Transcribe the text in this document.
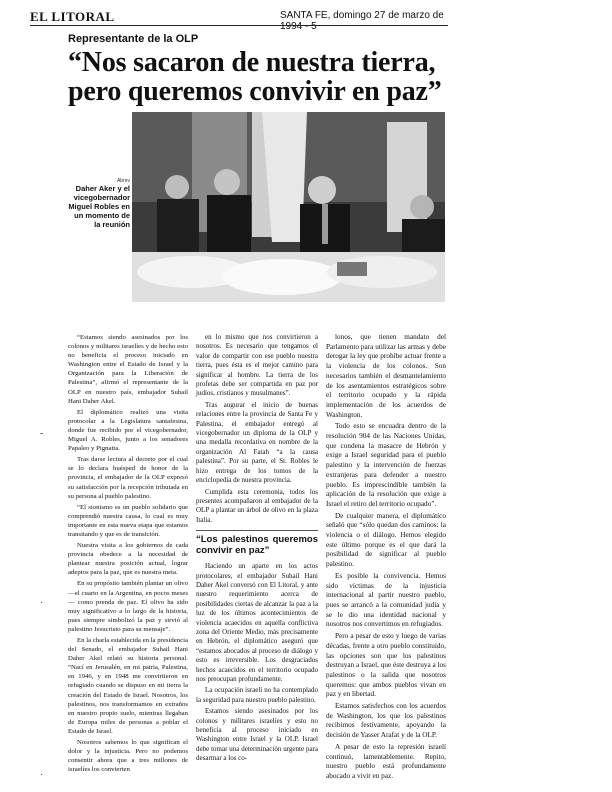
EL LITORAL	SANTA FE, domingo 27 de marzo de 1994 - 5
Representante de la OLP
“Nos sacaron de nuestra tierra, pero queremos convivir en paz”
Abrev
Daher Aker y el vicegobernador Miguel Robles en un momento de la reunión

“Estamos siendo asesinados por los colonos y militares israelíes y de hecho esto no beneficia el proceso iniciado en Washington entre el Estado de Israel y la Organización para la Liberación de Palestina”, afirmó el representante de la OLP en nuestro país, embajador Suhail Hani Daher Akel.

El diplomático realizó una visita protocolar a la Legislatura santafesina, donde fue recibido por el vicegobernador, Miguel A. Robles, junto a los senadores Papaleo y Pignatta.

Tras darse lectura al decreto por el cual se lo declara huésped de honor de la provincia, el embajador de la OLP expresó su satisfacción por la recepción tributada en su persona al pueblo palestino.

“El sionismo es un pueblo solidario que comprendió nuestra causa, lo cual es muy importante en esta nueva etapa que estamos transitando y que es de transición.

Nuestra visita a los gobiernos de cada provincia obedece a la necesidad de plantear nuestra posición actual, lograr adeptos para la paz, que es nuestra meta.

En su propósito también plantar un olivo —el cuarto en la Argentina, en pocos meses— como prenda de paz. El olivo ha sido muy significativo a lo largo de la historia, pues siempre simbolizó la paz y sirvió al palestino Jesucristo para su mensaje”.

En la charla establecida en la presidencia del Senado, el embajador Suhail Hani Daher Akel relató su historia personal. “Nací en Jerusalén, en mi patria, Palestina, en 1946, y en 1948 me convirtieron en refugiado cuando se dispuso en mi tierra la creación del Estado de Israel. Nosotros, los palestinos, nos transformamos en extraños en nuestro propio suelo, mientras llegaban de Europa miles de personas a poblar el Estado de Israel.

Nosotros sabemos lo que significan el dolor y la injusticia. Pero no podemos consentir ahora que a tres millones de israelíes los convierten

en lo mismo que nos convirtieron a nosotros. Es necesario que tengamos el valor de compartir con ese pueblo nuestra tierra, pues ésta es el mejor camino para significar al hombre. La tierra de los profetas debe ser compartida en paz por judíos, cristianos y musulmanes”.

Tras augurar el inicio de buenas relaciones entre la provincia de Santa Fe y Palestina, el embajador entregó al vicegobernador un diploma de la OLP y una medalla recordativa en nombre de la organización Al Fatah “a la causa palestina”. Por su parte, el Sr. Robles le hizo entrega de los tomos de la enciclopedia de nuestra provincia.

Cumplida esta ceremonia, todos los presentes acompañaron al embajador de la OLP a plantar un árbol de olivo en la plaza Italia.

“Los palestinos queremos convivir en paz”

Haciendo un aparte en los actos protocolares, el embajador Suhail Hani Daher Akel conversó con El Litoral, y ante nuestro requerimiento acerca de posibilidades ciertas de alcanzar la paz a la luz de los últimos acontecimientos de violencia acaecidos en aquella conflictiva zona del Oriente Medio, más precisamente en Hebrón, el diplomático aseguró que “estamos abocados al proceso de diálogo y esto es irreversible. Los desgraciados hechos acaecidos en el territorio ocupado nos preocupan profundamente.

La ocupación israelí no ha contemplado la seguridad para nuestro pueblo palestino.

Estamos siendo asesinados por los colonos y militares israelíes y esto no beneficia al proceso iniciado en Washington entre Israel y la OLP. Israel debe tomar una determinación urgente para desarmar a los co-

lonos, que tienen mandato del Parlamento para utilizar las armas y debe derogar la ley que prohíbe actuar frente a la violencia de los colonos. Son necesarios también el desmantelamiento de los asentamientos estratégicos sobre el territorio ocupado y la rápida implementación de los acuerdos de Washington.

Todo esto se encuadra dentro de la resolución 904 de las Naciones Unidas, que condena la masacre de Hebrón y exige a Israel seguridad para el pueblo palestino y la intervención de fuerzas extranjeras para defender a nuestro pueblo. Es imprescindible también la aplicación de la resolución que exige a Israel el retiro del territorio ocupado”.

De cualquier manera, el diplomático señaló que “sólo quedan dos caminos: la violencia o el diálogo. Hemos elegido este último porque es el que dará la posibilidad de significar al pueblo palestino.

Es posible la convivencia. Hemos sido víctimas de la injusticia internacional al partir nuestro pueblo, pues se arrancó a la comunidad judía y se le dio una identidad nacional y nosotros nos convertimos en refugiados.

Pero a pesar de esto y luego de varias décadas, frente a otro pueblo constituido, las opciones son que los palestinos destruyan a Israel, que éste destruya a los palestinos o la salida que nosotros queremos: que ambos pueblos vivan en paz y en libertad.

Estamos satisfechos con los acuerdos de Washington, los que los palestinos recibimos festivamente, apoyando la decisión de Yasser Arafat y de la OLP.

A pesar de esto la represión israelí continuó, lamentablemente. Repito, nuestro pueblo está profundamente abocado a vivir en paz.

-
·
·
